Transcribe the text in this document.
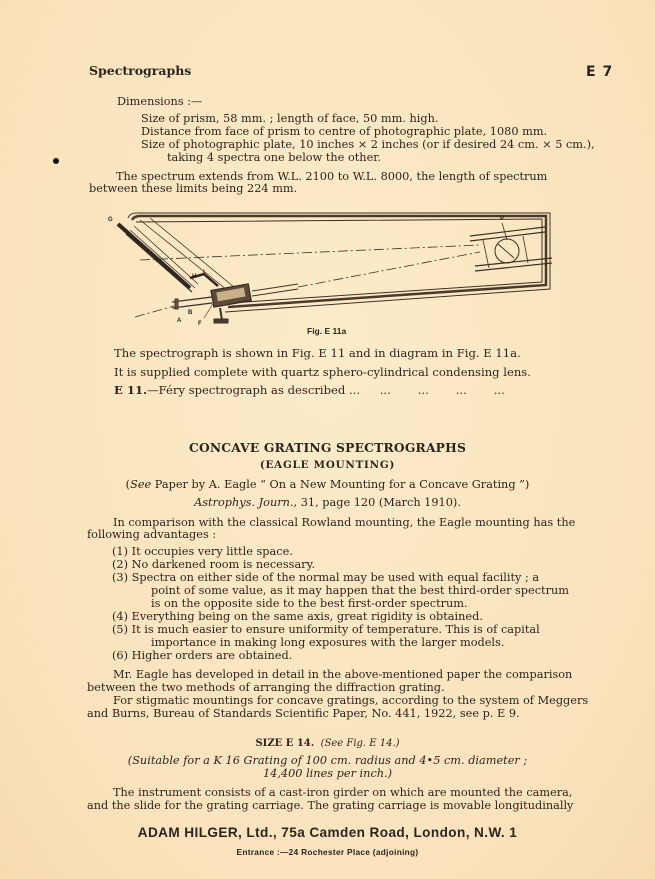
Spectrographs	E 7
Dimensions :—
Size of prism, 58 mm. ; length of face, 50 mm. high.
Distance from face of prism to centre of photographic plate, 1080 mm.
Size of photographic plate, 10 inches × 2 inches (or if desired 24 cm. × 5 cm.),
taking 4 spectra one below the other.
The spectrum extends from W.L. 2100 to W.L. 8000, the length of spectrum
between these limits being 224 mm.
G
E
H
I
A
B
F
P
Fig. E 11a
The spectrograph is shown in Fig. E 11 and in diagram in Fig. E 11a.
It is supplied complete with quartz sphero-cylindrical condensing lens.
E 11.—Féry spectrograph as described ... ... ... ... ...
CONCAVE GRATING SPECTROGRAPHS
(EAGLE MOUNTING)
(See Paper by A. Eagle “ On a New Mounting for a Concave Grating ”)
Astrophys. Journ., 31, page 120 (March 1910).
In comparison with the classical Rowland mounting, the Eagle mounting has the
following advantages :
(1) It occupies very little space.
(2) No darkened room is necessary.
(3) Spectra on either side of the normal may be used with equal facility ; a
point of some value, as it may happen that the best third-order spectrum
is on the opposite side to the best first-order spectrum.
(4) Everything being on the same axis, great rigidity is obtained.
(5) It is much easier to ensure uniformity of temperature. This is of capital
importance in making long exposures with the larger models.
(6) Higher orders are obtained.
Mr. Eagle has developed in detail in the above-mentioned paper the comparison
between the two methods of arranging the diffraction grating.
For stigmatic mountings for concave gratings, according to the system of Meggers
and Burns, Bureau of Standards Scientific Paper, No. 441, 1922, see p. E 9.
SIZE E 14. (See Fig. E 14.)
(Suitable for a K 16 Grating of 100 cm. radius and 4•5 cm. diameter ;
14,400 lines per inch.)
The instrument consists of a cast-iron girder on which are mounted the camera,
and the slide for the grating carriage. The grating carriage is movable longitudinally
ADAM HILGER, Ltd., 75a Camden Road, London, N.W. 1
Entrance :—24 Rochester Place (adjoining)
